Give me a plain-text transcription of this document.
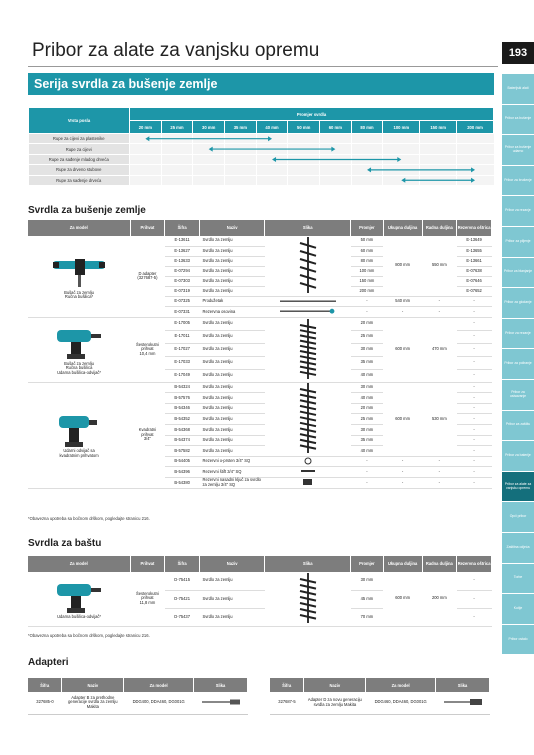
Pribor za alate za vanjsku opremu	193
Serija svrdla za bušenje zemlje	Baterijski alati
Pribor za bušenje
Pribor za bušenje udarno
Pribor za brušenje
Pribor za rezanje
Pribor za piljenje
Pribor za blanjanje
Pribor za glodanje
Pribor za rezanje
Pribor za poliranje
Pribor za usisavanje
Pribor za zaštitu
Pribor za baterije
Pribor za alate za vanjsku opremu
Opći pribor
Zaštitna odjeća
Torbe
Kutije
Pribor ostalo
Vrsta posla	Promjer svrdla										
	20 mm	25 mm	30 mm	35 mm	40 mm	50 mm	60 mm	80 mm	100 mm	150 mm	200 mm
Rupe za cijevi za plastenike											
Rupe za cijevi											
Rupe za sađenje mladog drveća											
Rupe za drveno stubove											
Rupe za sađenje drveća											
Svrdla za bušenje zemlje
Za model	Prihvat	Šifra	Naziv	Slika	Promjer	Ukupna duljina	Radna duljina	Rezervna oštrica

Bušač za zemlju
Ručna bušilica*	D adapter
(327687-5)	E-13611	Svrdlo za zemlju		50 mm	800 mm	550 mm	E-13649
		E-13627	Svrdlo za zemlju		60 mm			E-13655
		E-13633	Svrdlo za zemlju		80 mm			E-13661
		E-07294	Svrdlo za zemlju		100 mm			E-07638
		E-07303	Svrdlo za zemlju		150 mm			E-07646
		E-07319	Svrdlo za zemlju		200 mm			E-07652
		E-07325	Produžetak		-	540 mm	-	-
		E-07331	Rezervna osovina		-	-	-	-

Bušač za zemlju
Ručna bušilica
Udarna bušilica-odvijač*	Šesterokutni
prihvat
10,4 mm	E-17005	Svrdlo za zemlju		20 mm	600 mm	470 mm	-
		E-17011	Svrdlo za zemlju		25 mm			-
		E-17027	Svrdlo za zemlju		30 mm			-
		E-17033	Svrdlo za zemlju		35 mm			-
		E-17049	Svrdlo za zemlju		40 mm			-

Udarni odvijač sa
kvadratnim prihvatom	Kvadratni
prihvat
3/4"	B-54324	Svrdlo za zemlju		30 mm	600 mm	530 mm	-
		B-57576	Svrdlo za zemlju		40 mm			-
		B-54346	Svrdlo za zemlju		20 mm			-
		B-54352	Svrdlo za zemlju		25 mm			-
		B-54368	Svrdlo za zemlju		30 mm			-
		B-54374	Svrdlo za zemlju		35 mm			-
		B-57582	Svrdlo za zemlju		40 mm			-
		B-54405	Rezervni o-prsten 3/4" SQ		-	-	-	-
		B-54396	Rezervni štift 3/4" SQ		-	-	-	-
		B-54380	Rezervni nasadni ključ za svrdlo za zemlju 3/4" SQ		-	-	-	-
*Obavezna upotreba sa bočnom drškom, pogledajte stranicu 216.
Svrdla za baštu
Za model	Prihvat	Šifra	Naziv	Slika	Promjer	Ukupna duljina	Radna duljina	Rezervna oštrica

Udarna bušilica-odvijač*	Šesterokutni
prihvat
11,8 mm	D-75415	Svrdlo za zemlju		30 mm	600 mm	200 mm	-
		D-75421	Svrdlo za zemlju		45 mm			-
		D-75437	Svrdlo za zemlju		70 mm			-
*Obavezna upotreba sa bočnom drškom, pogledajte stranicu 216.
Adapteri
Šifra	Naziv	Za model	Slika
327685-0	Adapter B za prethodne generacije svrdla za zemlju Makita	DDG400, DDA460, DG001G	
Šifra	Naziv	Za model	Slika
327687-5	Adapter D za novu generaciju svrdla za zemlju Makita	DDG460, DDA460, DG001G	
